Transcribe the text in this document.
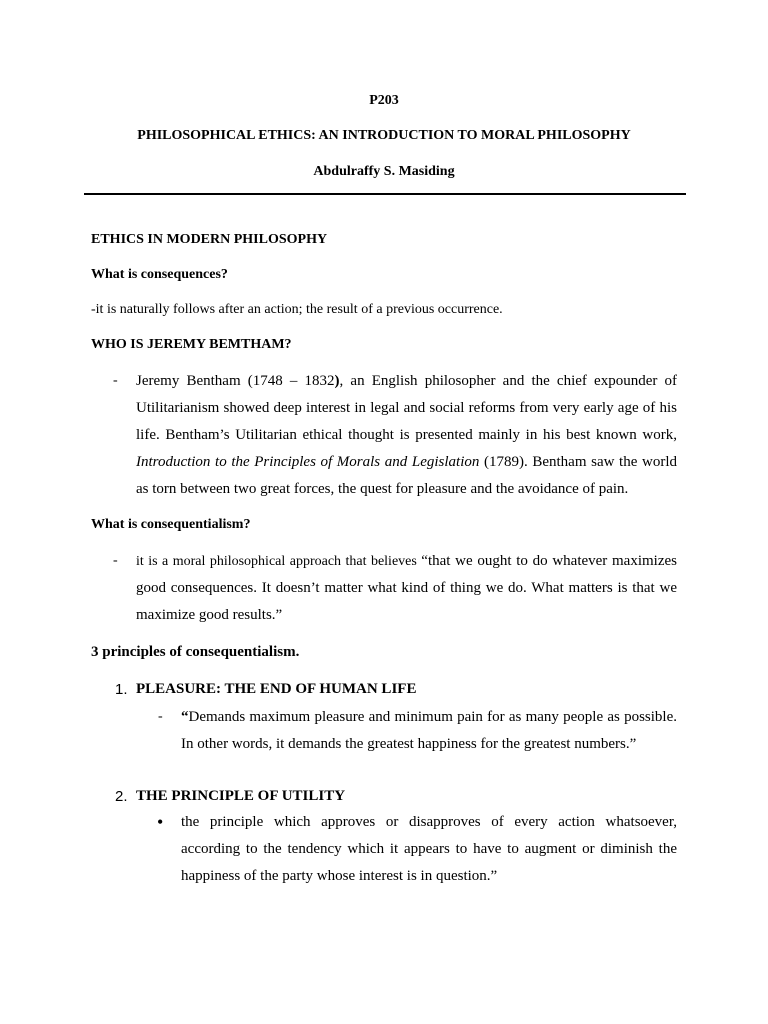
P203
PHILOSOPHICAL ETHICS: AN INTRODUCTION TO MORAL PHILOSOPHY
Abdulraffy S. Masiding
ETHICS IN MODERN PHILOSOPHY
What is consequences?
-it is naturally follows after an action; the result of a previous occurrence.
WHO IS JEREMY BEMTHAM?
- Jeremy Bentham (1748 – 1832), an English philosopher and the chief expounder of Utilitarianism showed deep interest in legal and social reforms from very early age of his life. Bentham’s Utilitarian ethical thought is presented mainly in his best known work, Introduction to the Principles of Morals and Legislation (1789). Bentham saw the world as torn between two great forces, the quest for pleasure and the avoidance of pain.
What is consequentialism?
- it is a moral philosophical approach that believes “that we ought to do whatever maximizes good consequences. It doesn’t matter what kind of thing we do. What matters is that we maximize good results.”
3 principles of consequentialism.
1. PLEASURE: THE END OF HUMAN LIFE
- “Demands maximum pleasure and minimum pain for as many people as possible. In other words, it demands the greatest happiness for the greatest numbers.”
2. THE PRINCIPLE OF UTILITY
• the principle which approves or disapproves of every action whatsoever, according to the tendency which it appears to have to augment or diminish the happiness of the party whose interest is in question.”
